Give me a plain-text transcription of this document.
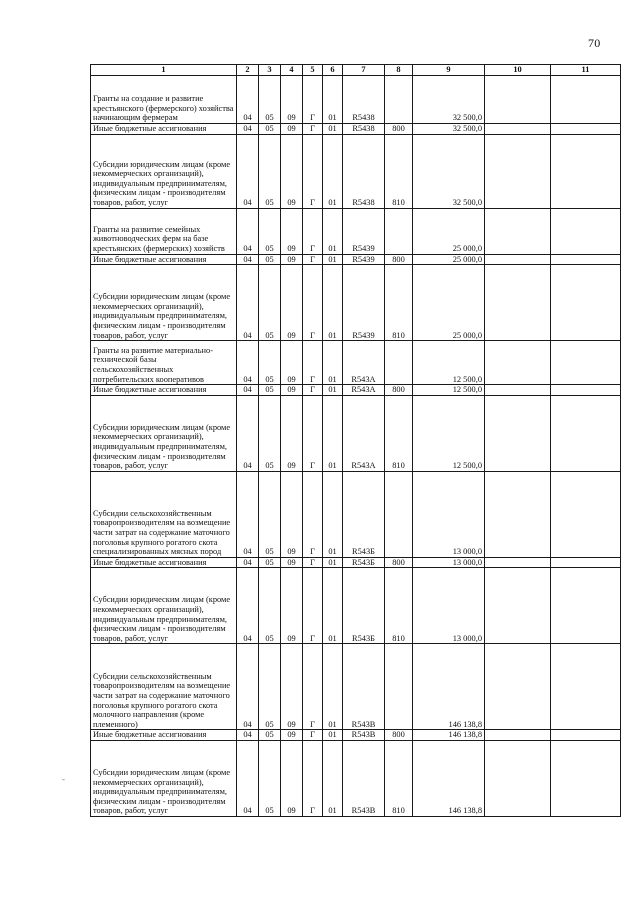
70
1	2	3	4	5	6	7	8	9	10	11
Гранты на создание и развитие крестьянского (фермерского) хозяйства начинающим фермерам	04	05	09	Г	01	R5438		32 500,0		
Иные бюджетные ассигнования	04	05	09	Г	01	R5438	800	32 500,0		
Субсидии юридическим лицам (кроме некоммерческих организаций), индивидуальным предпринимателям, физическим лицам - производителям товаров, работ, услуг	04	05	09	Г	01	R5438	810	32 500,0		
Гранты на развитие семейных животноводческих ферм на базе крестьянских (фермерских) хозяйств	04	05	09	Г	01	R5439		25 000,0		
Иные бюджетные ассигнования	04	05	09	Г	01	R5439	800	25 000,0		
Субсидии юридическим лицам (кроме некоммерческих организаций), индивидуальным предпринимателям, физическим лицам - производителям товаров, работ, услуг	04	05	09	Г	01	R5439	810	25 000,0		
Гранты на развитие материально-технической базы сельскохозяйственных потребительских кооперативов	04	05	09	Г	01	R543A		12 500,0		
Иные бюджетные ассигнования	04	05	09	Г	01	R543A	800	12 500,0		
Субсидии юридическим лицам (кроме некоммерческих организаций), индивидуальным предпринимателям, физическим лицам - производителям товаров, работ, услуг	04	05	09	Г	01	R543A	810	12 500,0		
Субсидии сельскохозяйственным товаропроизводителям на возмещение части затрат на содержание маточного поголовья крупного рогатого скота специализированных мясных пород	04	05	09	Г	01	R543Б		13 000,0		
Иные бюджетные ассигнования	04	05	09	Г	01	R543Б	800	13 000,0		
Субсидии юридическим лицам (кроме некоммерческих организаций), индивидуальным предпринимателям, физическим лицам - производителям товаров, работ, услуг	04	05	09	Г	01	R543Б	810	13 000,0		
Субсидии сельскохозяйственным товаропроизводителям на возмещение части затрат на содержание маточного поголовья крупного рогатого скота молочного направления (кроме племенного)	04	05	09	Г	01	R543В		146 138,8		
Иные бюджетные ассигнования	04	05	09	Г	01	R543В	800	146 138,8		
Субсидии юридическим лицам (кроме некоммерческих организаций), индивидуальным предпринимателям, физическим лицам - производителям товаров, работ, услуг	04	05	09	Г	01	R543В	810	146 138,8		
-
